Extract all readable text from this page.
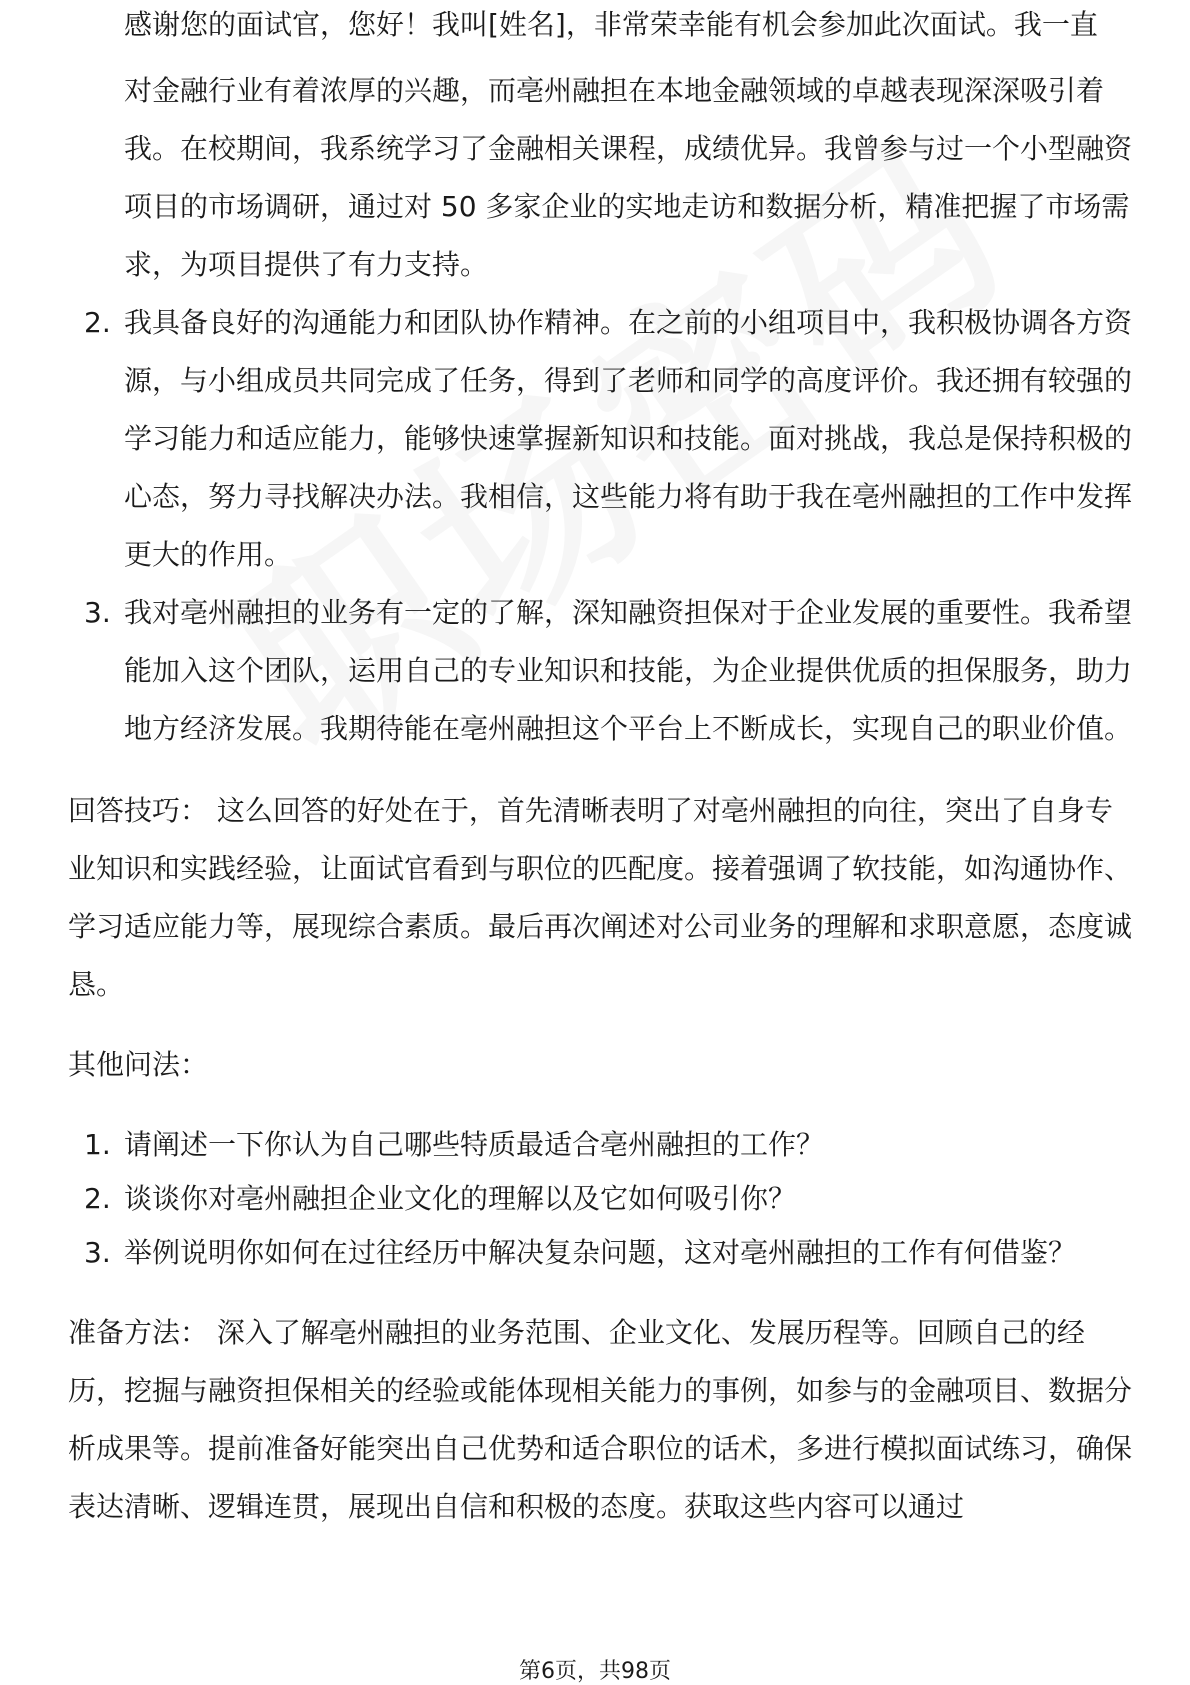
感谢您的面试官，您好！我叫[姓名]，非常荣幸能有机会参加此次面试。我一直
对金融行业有着浓厚的兴趣，而亳州融担在本地金融领域的卓越表现深深吸引着我。在校期间，我系统学习了金融相关课程，成绩优异。我曾参与过一个小型融资项目的市场调研，通过对 50 多家企业的实地走访和数据分析，精准把握了市场需求，为项目提供了有力支持。
2. 我具备良好的沟通能力和团队协作精神。在之前的小组项目中，我积极协调各方资源，与小组成员共同完成了任务，得到了老师和同学的高度评价。我还拥有较强的学习能力和适应能力，能够快速掌握新知识和技能。面对挑战，我总是保持积极的心态，努力寻找解决办法。我相信，这些能力将有助于我在亳州融担的工作中发挥更大的作用。
3. 我对亳州融担的业务有一定的了解，深知融资担保对于企业发展的重要性。我希望能加入这个团队，运用自己的专业知识和技能，为企业提供优质的担保服务，助力地方经济发展。我期待能在亳州融担这个平台上不断成长，实现自己的职业价值。

回答技巧： 这么回答的好处在于，首先清晰表明了对亳州融担的向往，突出了自身专业知识和实践经验，让面试官看到与职位的匹配度。接着强调了软技能，如沟通协作、学习适应能力等，展现综合素质。最后再次阐述对公司业务的理解和求职意愿，态度诚恳。

其他问法：

1. 请阐述一下你认为自己哪些特质最适合亳州融担的工作？
2. 谈谈你对亳州融担企业文化的理解以及它如何吸引你？
3. 举例说明你如何在过往经历中解决复杂问题，这对亳州融担的工作有何借鉴？

准备方法： 深入了解亳州融担的业务范围、企业文化、发展历程等。回顾自己的经历，挖掘与融资担保相关的经验或能体现相关能力的事例，如参与的金融项目、数据分析成果等。提前准备好能突出自己优势和适合职位的话术，多进行模拟面试练习，确保表达清晰、逻辑连贯，展现出自信和积极的态度。获取这些内容可以通过

第6页，共98页
